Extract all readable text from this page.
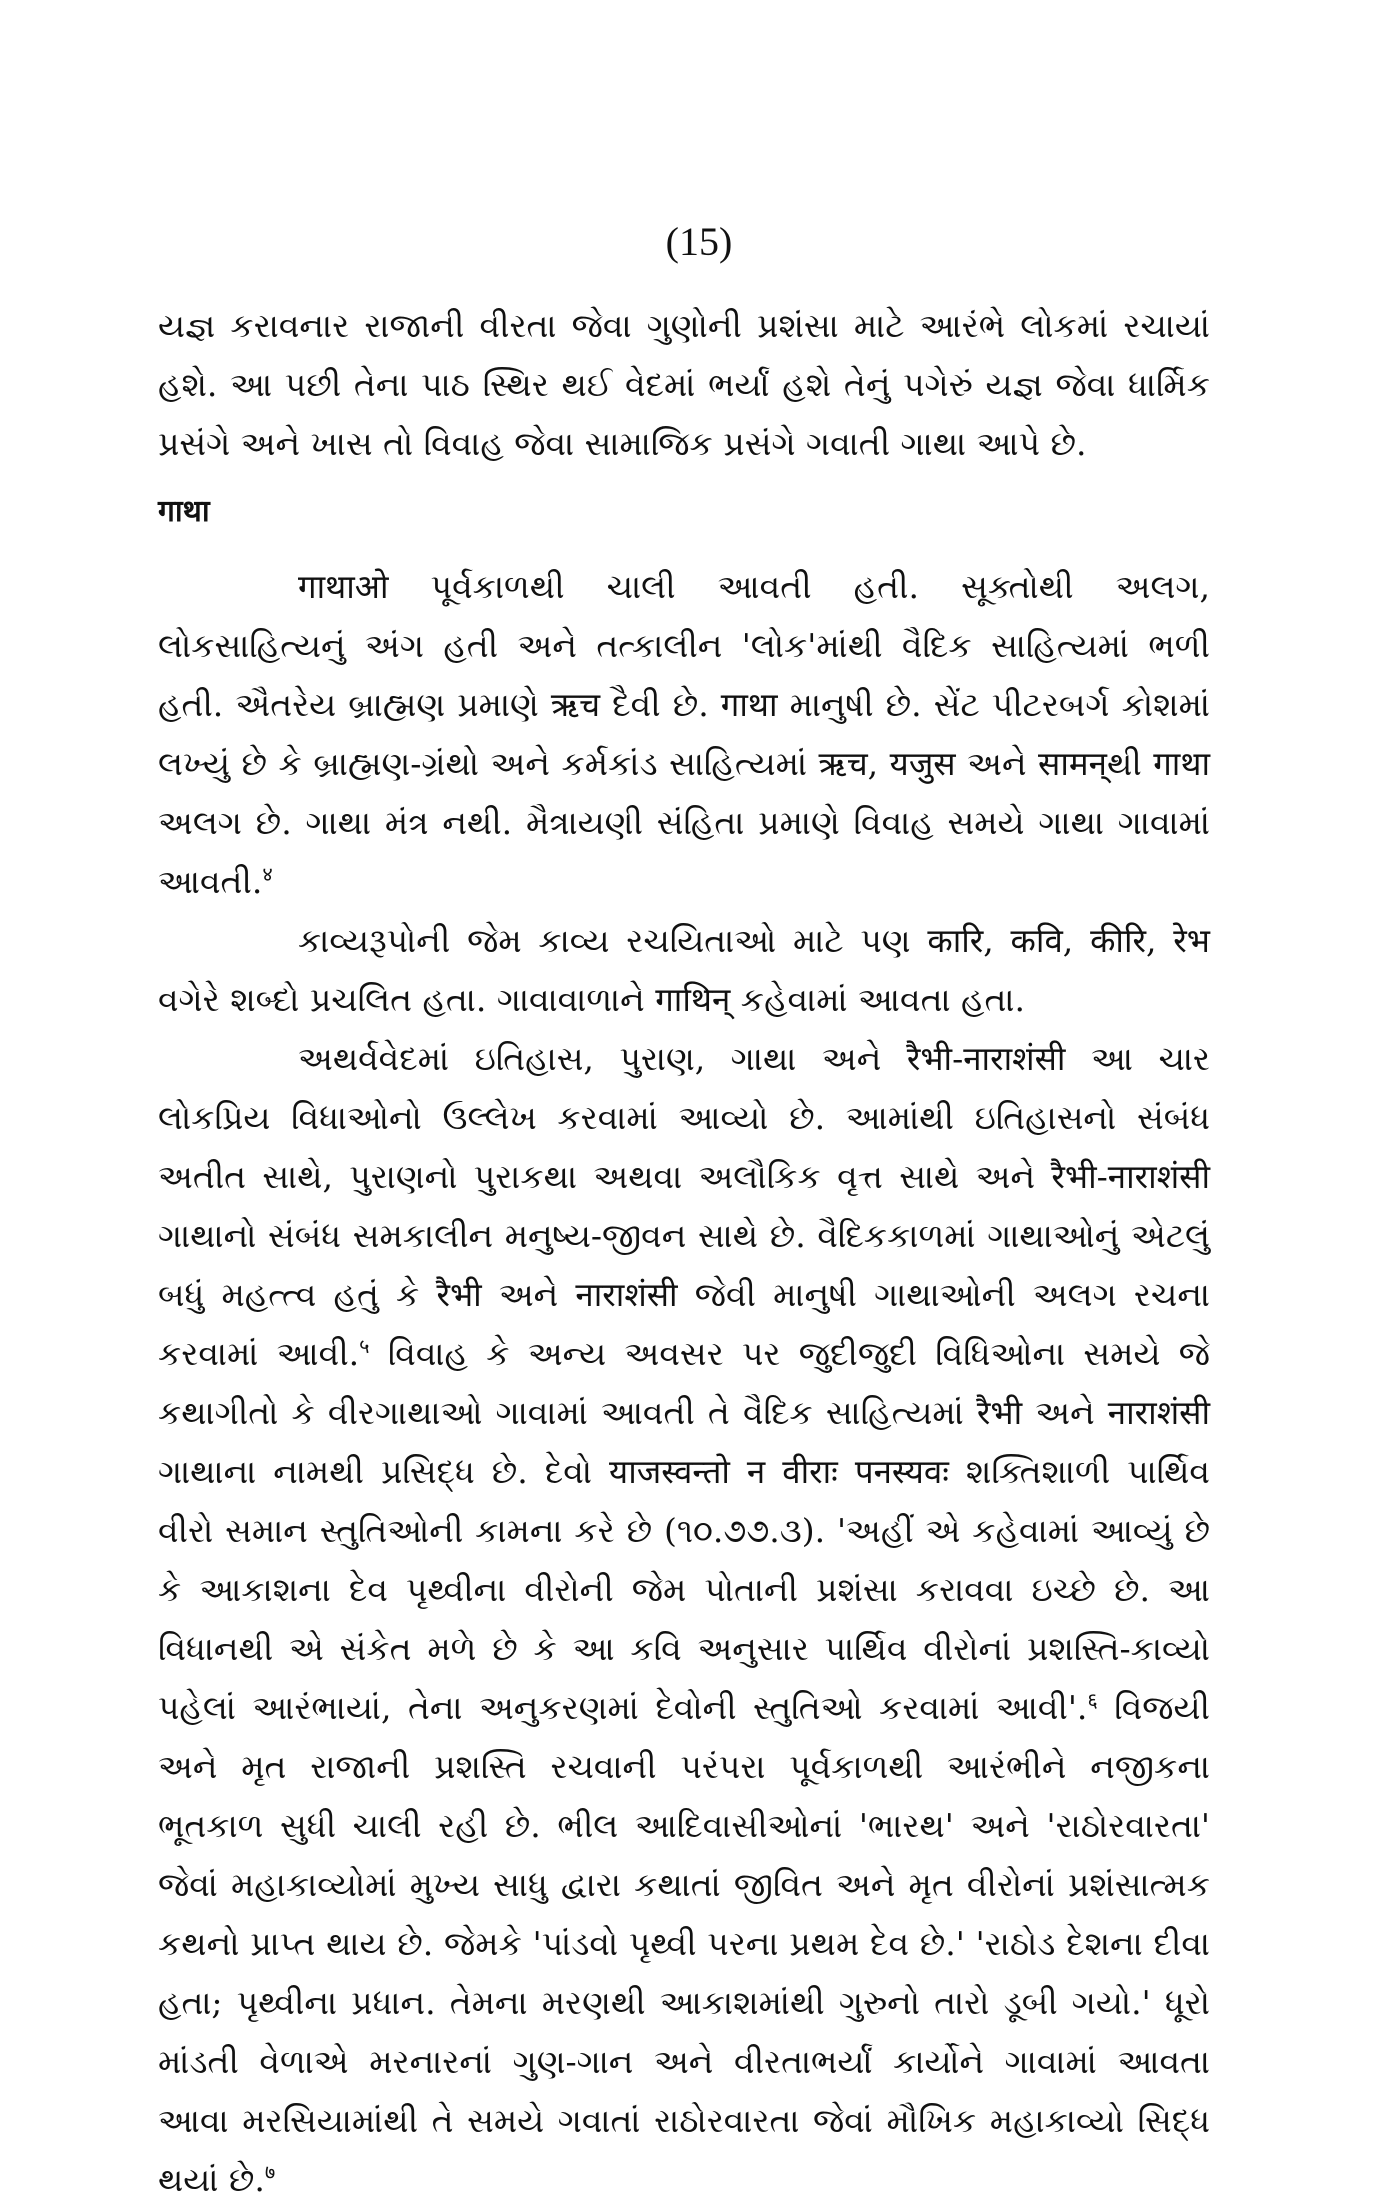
(15)

યજ્ઞ કરાવનાર રાજાની વીરતા જેવા ગુણોની પ્રશંસા માટે આરંભે લોકમાં રચાયાં હશે. આ પછી તેના પાઠ સ્થિર થઈ વેદમાં ભર્યાં હશે તેનું પગેરું યજ્ઞ જેવા ધાર્મિક પ્રસંગે અને ખાસ તો વિવાહ જેવા સામાજિક પ્રસંગે ગવાતી ગાથા આપે છે.

गाथा

गाथाओ પૂર્વકાળથી ચાલી આવતી હતી. સૂક્તોથી અલગ, લોકસાહિત્યનું અંગ હતી અને તત્કાલીન 'લોક'માંથી વૈદિક સાહિત્યમાં ભળી હતી. ઐતરેય બ્રાહ્મણ પ્રમાણે ऋच દૈવી છે. गाथा માનુષી છે. સેંટ પીટરબર્ગ કોશમાં લખ્યું છે કે બ્રાહ્મણ-ગ્રંથો અને કર્મકાંડ સાહિત્યમાં ऋच, यजुस અને सामन्‌થી गाथा અલગ છે. ગાથા મંત્ર નથી. મૈત્રાયણી સંહિતા પ્રમાણે વિવાહ સમયે ગાથા ગાવામાં આવતી.$^४$

કાવ્યરૂપોની જેમ કાવ્ય રચયિતાઓ માટે પણ कारि, कवि, कीरि, रेभ વગેરે શબ્દો પ્રચલિત હતા. ગાવાવાળાને गाथिन्‌ કહેવામાં આવતા હતા.

અથર્વવેદમાં ઇતિહાસ, પુરાણ, ગાથા અને रैभी-नाराशंसी આ ચાર લોકપ્રિય વિધાઓનો ઉલ્લેખ કરવામાં આવ્યો છે. આમાંથી ઇતિહાસનો સંબંધ અતીત સાથે, પુરાણનો પુરાકથા અથવા અલૌકિક વૃત્ત સાથે અને रैभी-नाराशंसी ગાથાનો સંબંધ સમકાલીન મનુષ્ય-જીવન સાથે છે. વૈદિકકાળમાં ગાથાઓનું એટલું બધું મહત્ત્વ હતું કે रैभी અને नाराशंसी જેવી માનુષી ગાથાઓની અલગ રચના કરવામાં આવી.$^५$ વિવાહ કે અન્ય અવસર પર જુદીજુદી વિધિઓના સમયે જે કથાગીતો કે વીરગાથાઓ ગાવામાં આવતી તે વૈદિક સાહિત્યમાં रैभी અને नाराशंसी ગાથાના નામથી પ્રસિદ્ધ છે. દેવો याजस्वन्तो न वीराः पनस्यवः શક્તિશાળી પાર્થિવ વીરો સમાન સ્તુતિઓની કામના કરે છે (૧૦.૭૭.૩). 'અહીં એ કહેવામાં આવ્યું છે કે આકાશના દેવ પૃથ્વીના વીરોની જેમ પોતાની પ્રશંસા કરાવવા ઇચ્છે છે. આ વિધાનથી એ સંકેત મળે છે કે આ કવિ અનુસાર પાર્થિવ વીરોનાં પ્રશસ્તિ-કાવ્યો પહેલાં આરંભાયાં, તેના અનુકરણમાં દેવોની સ્તુતિઓ કરવામાં આવી'.$^६$ વિજયી અને મૃત રાજાની પ્રશસ્તિ રચવાની પરંપરા પૂર્વકાળથી આરંભીને નજીકના ભૂતકાળ સુધી ચાલી રહી છે. ભીલ આદિવાસીઓનાં 'ભારથ' અને 'રાઠોરવારતા' જેવાં મહાકાવ્યોમાં મુખ્ય સાધુ દ્વારા કથાતાં જીવિત અને મૃત વીરોનાં પ્રશંસાત્મક કથનો પ્રાપ્ત થાય છે. જેમકે 'પાંડવો પૃથ્વી પરના પ્રથમ દેવ છે.' 'રાઠોડ દેશના દીવા હતા; પૃથ્વીના પ્રધાન. તેમના મરણથી આકાશમાંથી ગુરુનો તારો ડૂબી ગયો.' ધૂરો માંડતી વેળાએ મરનારનાં ગુણ-ગાન અને વીરતાભર્યાં કાર્યોને ગાવામાં આવતા આવા મરસિયામાંથી તે સમયે ગવાતાં રાઠોરવારતા જેવાં મૌખિક મહાકાવ્યો સિદ્ધ થયાં છે.$^७$
